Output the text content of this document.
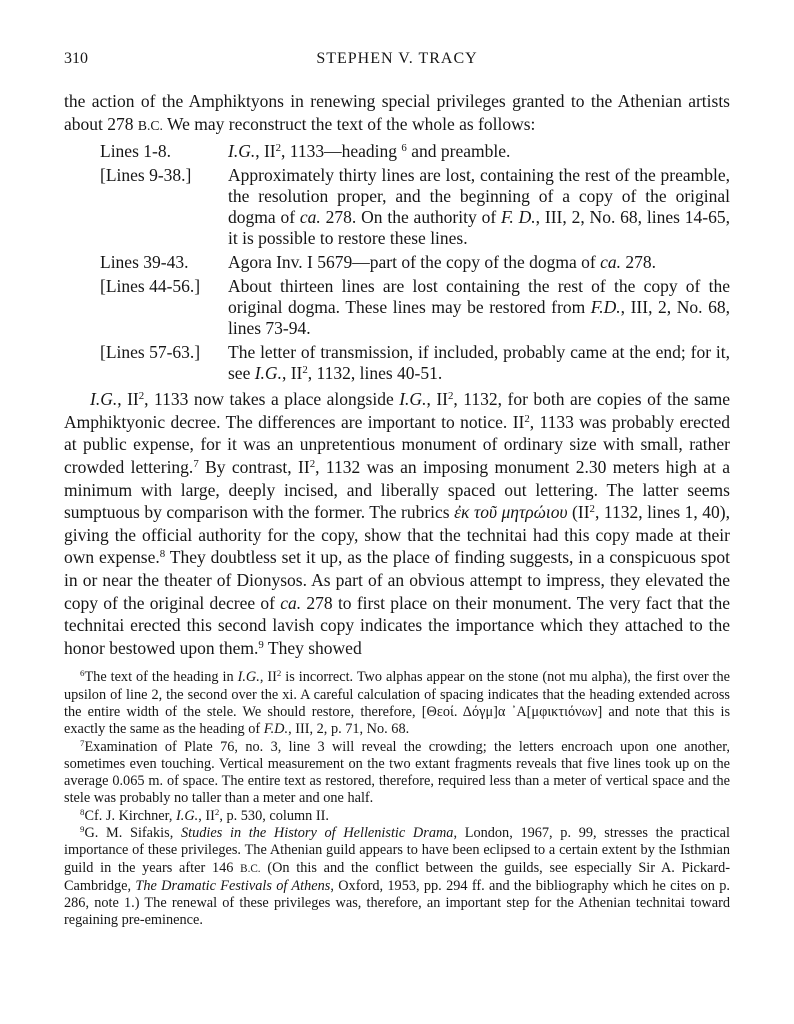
310	STEPHEN V. TRACY

the action of the Amphiktyons in renewing special privileges granted to the Athenian artists about 278 B.C. We may reconstruct the text of the whole as follows:

Lines 1-8.	I.G., $II^2$, 1133—heading $^6$ and preamble.
[Lines 9-38.]	Approximately thirty lines are lost, containing the rest of the preamble, the resolution proper, and the beginning of a copy of the original dogma of ca. 278. On the authority of F. D., III, 2, No. 68, lines 14-65, it is possible to restore these lines.
Lines 39-43.	Agora Inv. I 5679—part of the copy of the dogma of ca. 278.
[Lines 44-56.]	About thirteen lines are lost containing the rest of the copy of the original dogma. These lines may be restored from F.D., III, 2, No. 68, lines 73-94.
[Lines 57-63.]	The letter of transmission, if included, probably came at the end; for it, see I.G., $II^2$, 1132, lines 40-51.

I.G., $II^2$, 1133 now takes a place alongside I.G., $II^2$, 1132, for both are copies of the same Amphiktyonic decree. The differences are important to notice. $II^2$, 1133 was probably erected at public expense, for it was an unpretentious monument of ordinary size with small, rather crowded lettering.$^7$ By contrast, $II^2$, 1132 was an imposing monument 2.30 meters high at a minimum with large, deeply incised, and liberally spaced out lettering. The latter seems sumptuous by comparison with the former. The rubrics ἐκ τοῦ μητρώιου ($II^2$, 1132, lines 1, 40), giving the official authority for the copy, show that the technitai had this copy made at their own expense.$^8$ They doubtless set it up, as the place of finding suggests, in a conspicuous spot in or near the theater of Dionysos. As part of an obvious attempt to impress, they elevated the copy of the original decree of ca. 278 to first place on their monument. The very fact that the technitai erected this second lavish copy indicates the importance which they attached to the honor bestowed upon them.$^9$ They showed

$^6$The text of the heading in I.G., $II^2$ is incorrect. Two alphas appear on the stone (not mu alpha), the first over the upsilon of line 2, the second over the xi. A careful calculation of spacing indicates that the heading extended across the entire width of the stele. We should restore, therefore, [Θεοί. Δόγμ]α ᾿Α[μφικτιόνων] and note that this is exactly the same as the heading of F.D., III, 2, p. 71, No. 68.

$^7$Examination of Plate 76, no. 3, line 3 will reveal the crowding; the letters encroach upon one another, sometimes even touching. Vertical measurement on the two extant fragments reveals that five lines took up on the average 0.065 m. of space. The entire text as restored, therefore, required less than a meter of vertical space and the stele was probably no taller than a meter and one half.

$^8$Cf. J. Kirchner, I.G., $II^2$, p. 530, column II.

$^9$G. M. Sifakis, Studies in the History of Hellenistic Drama, London, 1967, p. 99, stresses the practical importance of these privileges. The Athenian guild appears to have been eclipsed to a certain extent by the Isthmian guild in the years after 146 B.C. (On this and the conflict between the guilds, see especially Sir A. Pickard-Cambridge, The Dramatic Festivals of Athens, Oxford, 1953, pp. 294 ff. and the bibliography which he cites on p. 286, note 1.) The renewal of these privileges was, therefore, an important step for the Athenian technitai toward regaining pre-eminence.
